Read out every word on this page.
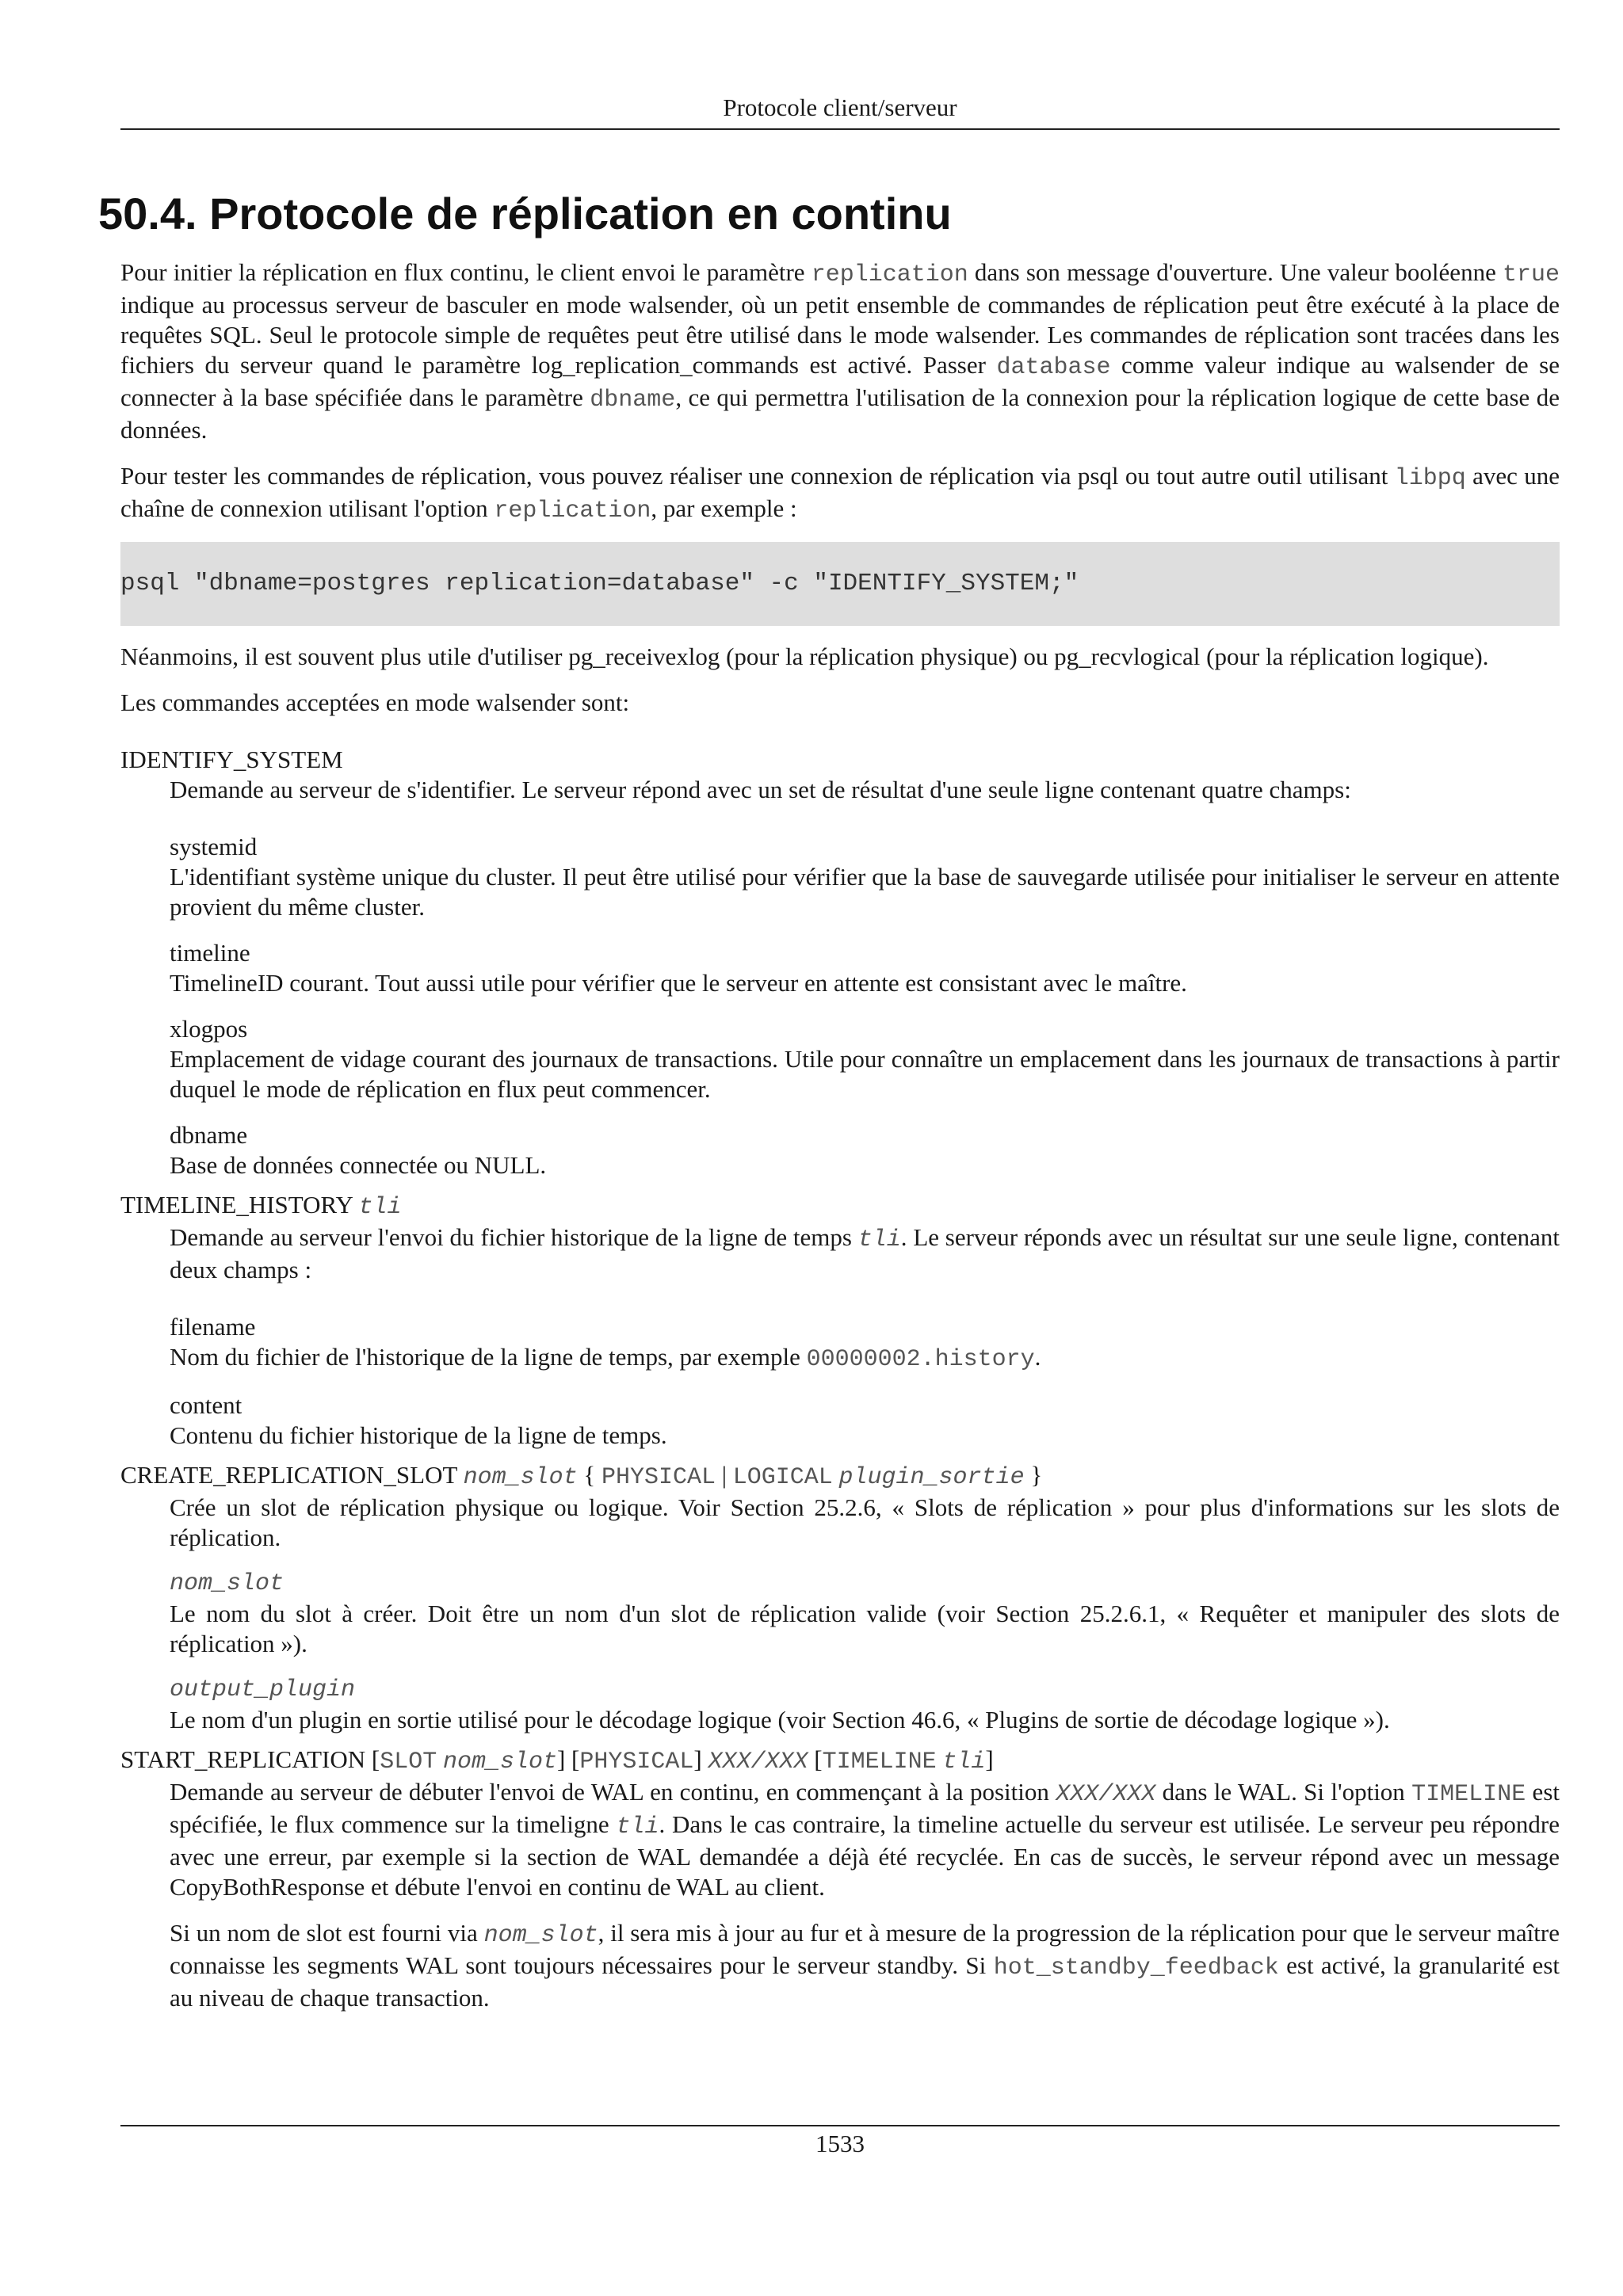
Protocole client/serveur
50.4. Protocole de réplication en continu

Pour initier la réplication en flux continu, le client envoi le paramètre replication dans son message d'ouverture. Une valeur booléenne true indique au processus serveur de basculer en mode walsender, où un petit ensemble de commandes de réplication peut être exécuté à la place de requêtes SQL. Seul le protocole simple de requêtes peut être utilisé dans le mode walsender. Les commandes de réplication sont tracées dans les fichiers du serveur quand le paramètre log_replication_commands est activé. Passer database comme valeur indique au walsender de se connecter à la base spécifiée dans le paramètre dbname, ce qui permettra l'utilisation de la connexion pour la réplication logique de cette base de données.

Pour tester les commandes de réplication, vous pouvez réaliser une connexion de réplication via psql ou tout autre outil utilisant libpq avec une chaîne de connexion utilisant l'option replication, par exemple :

psql "dbname=postgres replication=database" -c "IDENTIFY_SYSTEM;"

Néanmoins, il est souvent plus utile d'utiliser pg_receivexlog (pour la réplication physique) ou pg_recvlogical (pour la réplication logique).

Les commandes acceptées en mode walsender sont:

IDENTIFY_SYSTEM

Demande au serveur de s'identifier. Le serveur répond avec un set de résultat d'une seule ligne contenant quatre champs:

systemid

L'identifiant système unique du cluster. Il peut être utilisé pour vérifier que la base de sauvegarde utilisée pour initialiser le serveur en attente provient du même cluster.

timeline

TimelineID courant. Tout aussi utile pour vérifier que le serveur en attente est consistant avec le maître.

xlogpos

Emplacement de vidage courant des journaux de transactions. Utile pour connaître un emplacement dans les journaux de transactions à partir duquel le mode de réplication en flux peut commencer.

dbname

Base de données connectée ou NULL.

TIMELINE_HISTORY tli

Demande au serveur l'envoi du fichier historique de la ligne de temps tli. Le serveur réponds avec un résultat sur une seule ligne, contenant deux champs :

filename

Nom du fichier de l'historique de la ligne de temps, par exemple 00000002.history.

content

Contenu du fichier historique de la ligne de temps.

CREATE_REPLICATION_SLOT nom_slot { PHYSICAL | LOGICAL plugin_sortie }

Crée un slot de réplication physique ou logique. Voir Section 25.2.6, « Slots de réplication » pour plus d'informations sur les slots de réplication.

nom_slot

Le nom du slot à créer. Doit être un nom d'un slot de réplication valide (voir Section 25.2.6.1, « Requêter et manipuler des slots de réplication »).

output_plugin

Le nom d'un plugin en sortie utilisé pour le décodage logique (voir Section 46.6, « Plugins de sortie de décodage logique »).

START_REPLICATION [SLOT nom_slot] [PHYSICAL] XXX/XXX [TIMELINE tli]

Demande au serveur de débuter l'envoi de WAL en continu, en commençant à la position XXX/XXX dans le WAL. Si l'option TIMELINE est spécifiée, le flux commence sur la timeligne tli. Dans le cas contraire, la timeline actuelle du serveur est utilisée. Le serveur peu répondre avec une erreur, par exemple si la section de WAL demandée a déjà été recyclée. En cas de succès, le serveur répond avec un message CopyBothResponse et débute l'envoi en continu de WAL au client.

Si un nom de slot est fourni via nom_slot, il sera mis à jour au fur et à mesure de la progression de la réplication pour que le serveur maître connaisse les segments WAL sont toujours nécessaires pour le serveur standby. Si hot_standby_feedback est activé, la granularité est au niveau de chaque transaction.

1533
